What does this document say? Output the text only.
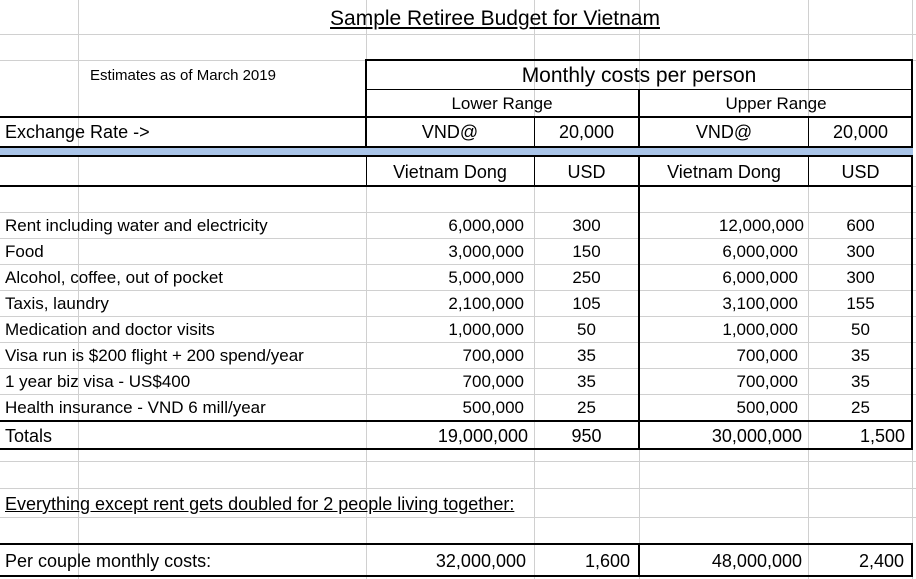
Sample Retiree Budget for Vietnam
Estimates as of March 2019	Monthly costs per person
Lower Range	Upper Range
Exchange Rate ->	VND@	20,000	VND@	20,000
Vietnam Dong	USD	Vietnam Dong	USD
Rent including water and electricity	6,000,000	300	12,000,000	600
Food	3,000,000	150	6,000,000	300
Alcohol, coffee, out of pocket	5,000,000	250	6,000,000	300
Taxis, laundry	2,100,000	105	3,100,000	155
Medication and doctor visits	1,000,000	50	1,000,000	50
Visa run is $200 flight + 200 spend/year	700,000	35	700,000	35
1 year biz visa - US$400	700,000	35	700,000	35
Health insurance - VND 6 mill/year	500,000	25	500,000	25
Totals	19,000,000	950	30,000,000	1,500
Everything except rent gets doubled for 2 people living together:
Per couple monthly costs:	32,000,000	1,600	48,000,000	2,400
